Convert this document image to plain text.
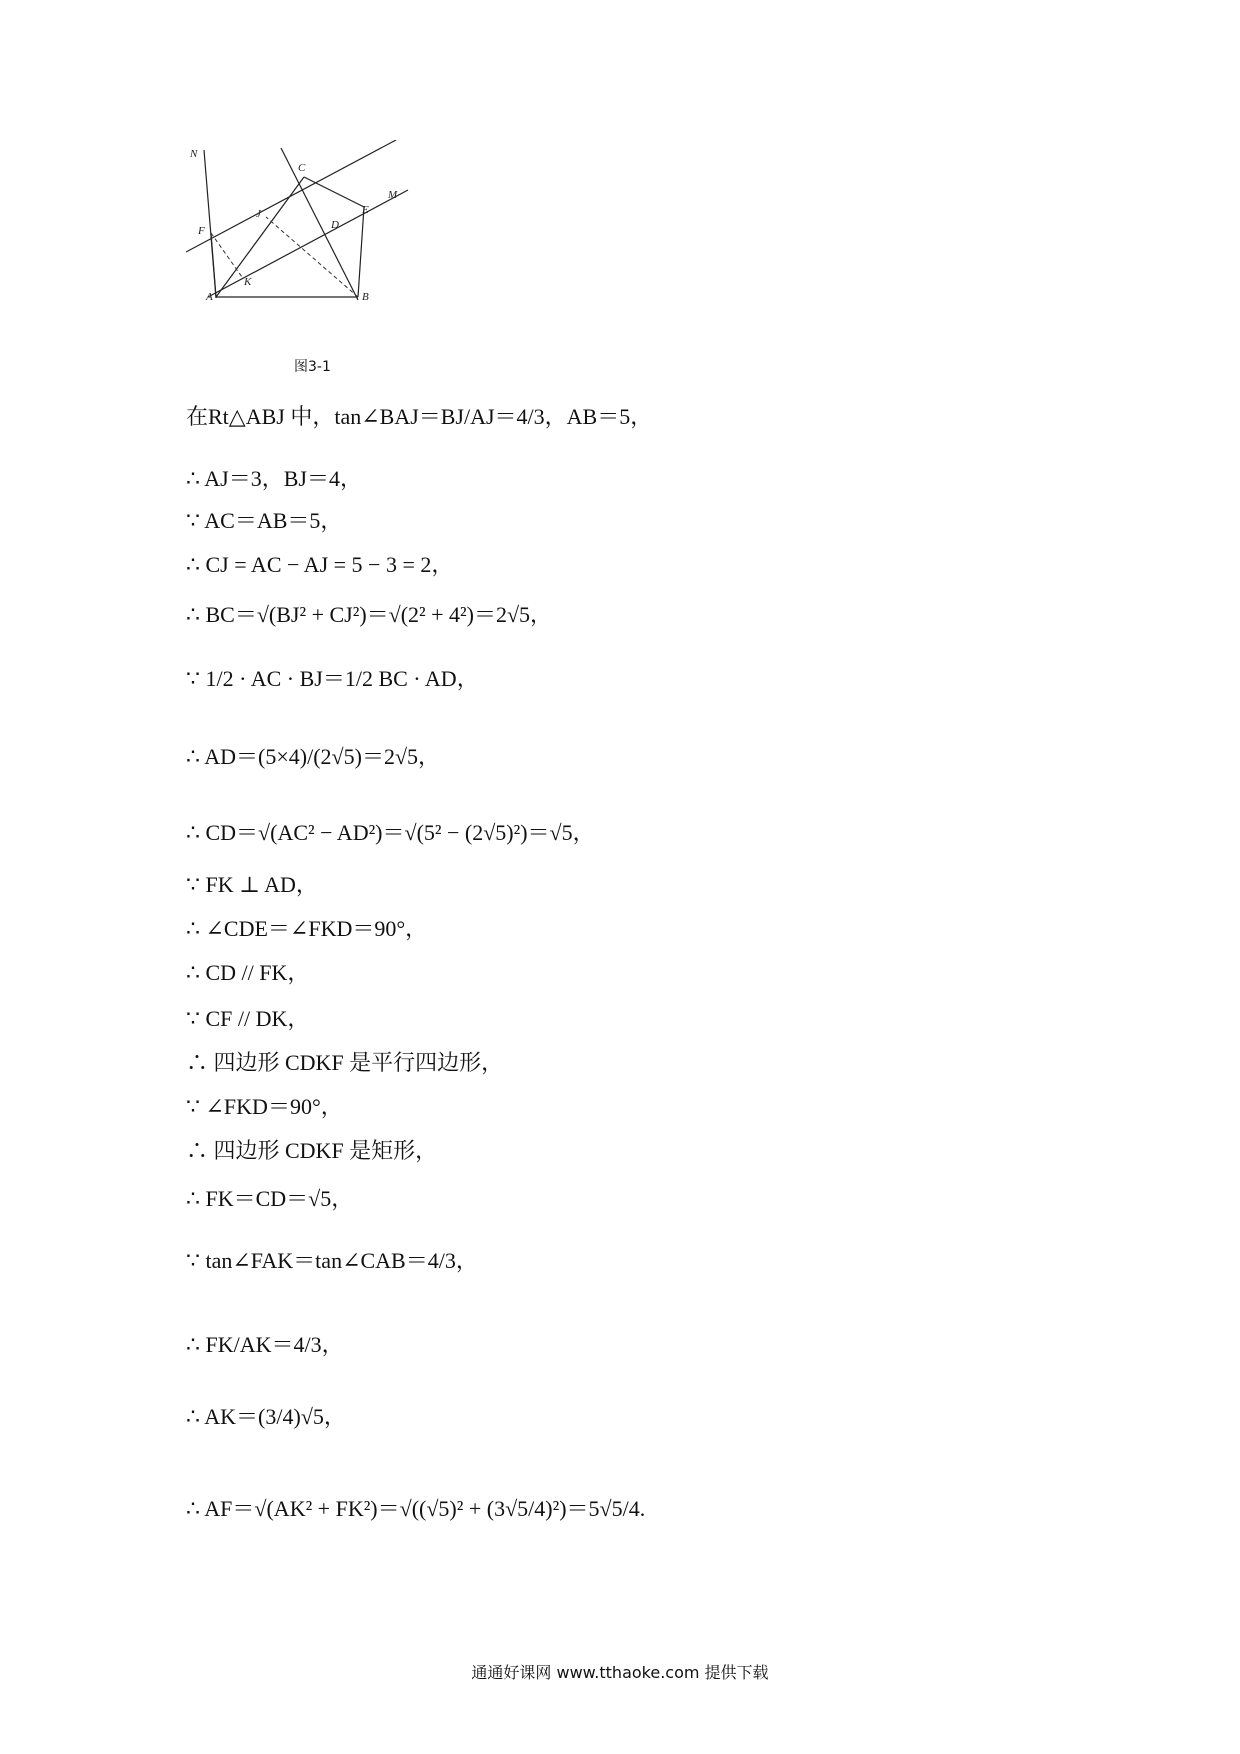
N
C
M
E
J
D
F
K
A	B
图3-1
在Rt△ABJ 中，tan∠BAJ＝BJ/AJ＝4/3，AB＝5，
∴ AJ＝3，BJ＝4，
∵ AC＝AB＝5，
∴ CJ = AC − AJ = 5 − 3 = 2，
∴ BC＝√(BJ² + CJ²)＝√(2² + 4²)＝2√5，
∵ 1/2 · AC · BJ＝1/2 BC · AD，
∴ AD＝(5×4)/(2√5)＝2√5，
∴ CD＝√(AC² − AD²)＝√(5² − (2√5)²)＝√5，
∵ FK ⊥ AD，
∴ ∠CDE＝∠FKD＝90°，
∴ CD // FK，
∵ CF // DK，
∴ 四边形 CDKF 是平行四边形，
∵ ∠FKD＝90°，
∴ 四边形 CDKF 是矩形，
∴ FK＝CD＝√5，
∵ tan∠FAK＝tan∠CAB＝4/3，
∴ FK/AK＝4/3，
∴ AK＝(3/4)√5，
∴ AF＝√(AK² + FK²)＝√((√5)² + (3√5/4)²)＝5√5/4.
通通好课网 www.tthaoke.com 提供下载
